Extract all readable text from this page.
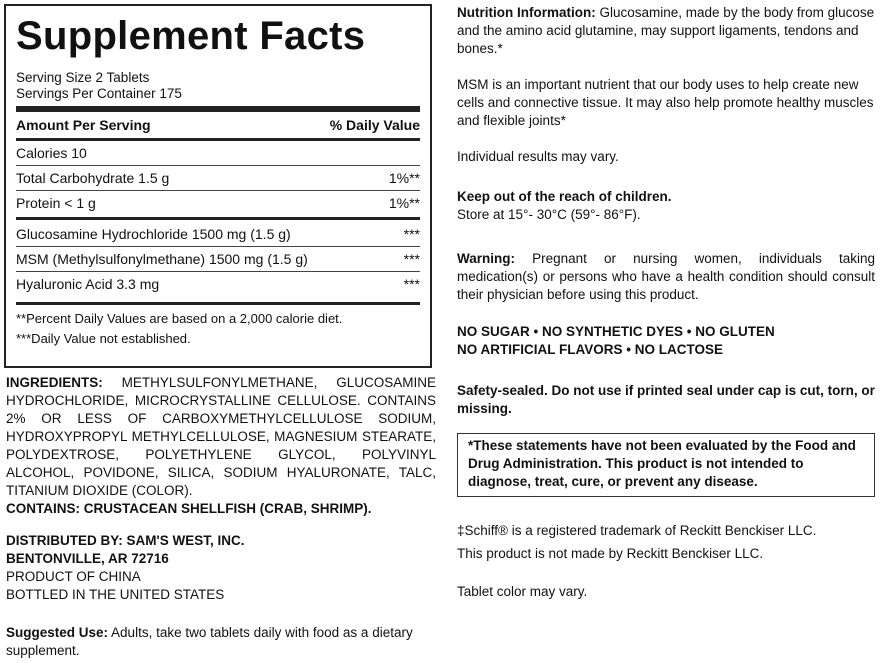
Supplement Facts
Serving Size 2 Tablets
Servings Per Container 175
Amount Per Serving	% Daily Value
Calories 10
Total Carbohydrate 1.5 g	1%**
Protein < 1 g	1%**
Glucosamine Hydrochloride 1500 mg (1.5 g)	***
MSM (Methylsulfonylmethane) 1500 mg (1.5 g)	***
Hyaluronic Acid 3.3 mg	***
**Percent Daily Values are based on a 2,000 calorie diet.
***Daily Value not established.

INGREDIENTS: METHYLSULFONYLMETHANE, GLUCOSAMINE HYDROCHLORIDE, MICROCRYSTALLINE CELLULOSE. CONTAINS 2% OR LESS OF CARBOXYMETHYLCELLULOSE SODIUM, HYDROXYPROPYL METHYLCELLULOSE, MAGNESIUM STEARATE, POLYDEXTROSE, POLYETHYLENE GLYCOL, POLYVINYL ALCOHOL, POVIDONE, SILICA, SODIUM HYALURONATE, TALC, TITANIUM DIOXIDE (COLOR).

CONTAINS: CRUSTACEAN SHELLFISH (CRAB, SHRIMP).

DISTRIBUTED BY: SAM'S WEST, INC.
BENTONVILLE, AR 72716
PRODUCT OF CHINA
BOTTLED IN THE UNITED STATES

Suggested Use: Adults, take two tablets daily with food as a dietary supplement.

Nutrition Information: Glucosamine, made by the body from glucose and the amino acid glutamine, may support ligaments, tendons and bones.*

MSM is an important nutrient that our body uses to help create new cells and connective tissue. It may also help promote healthy muscles and flexible joints*

Individual results may vary.

Keep out of the reach of children.

Store at 15°- 30°C (59°- 86°F).

Warning: Pregnant or nursing women, individuals taking medication(s) or persons who have a health condition should consult their physician before using this product.

NO SUGAR • NO SYNTHETIC DYES • NO GLUTEN

NO ARTIFICIAL FLAVORS • NO LACTOSE

Safety-sealed. Do not use if printed seal under cap is cut, torn, or missing.

*These statements have not been evaluated by the Food and Drug Administration. This product is not intended to diagnose, treat, cure, or prevent any disease.

‡Schiff® is a registered trademark of Reckitt Benckiser LLC.

This product is not made by Reckitt Benckiser LLC.

Tablet color may vary.
